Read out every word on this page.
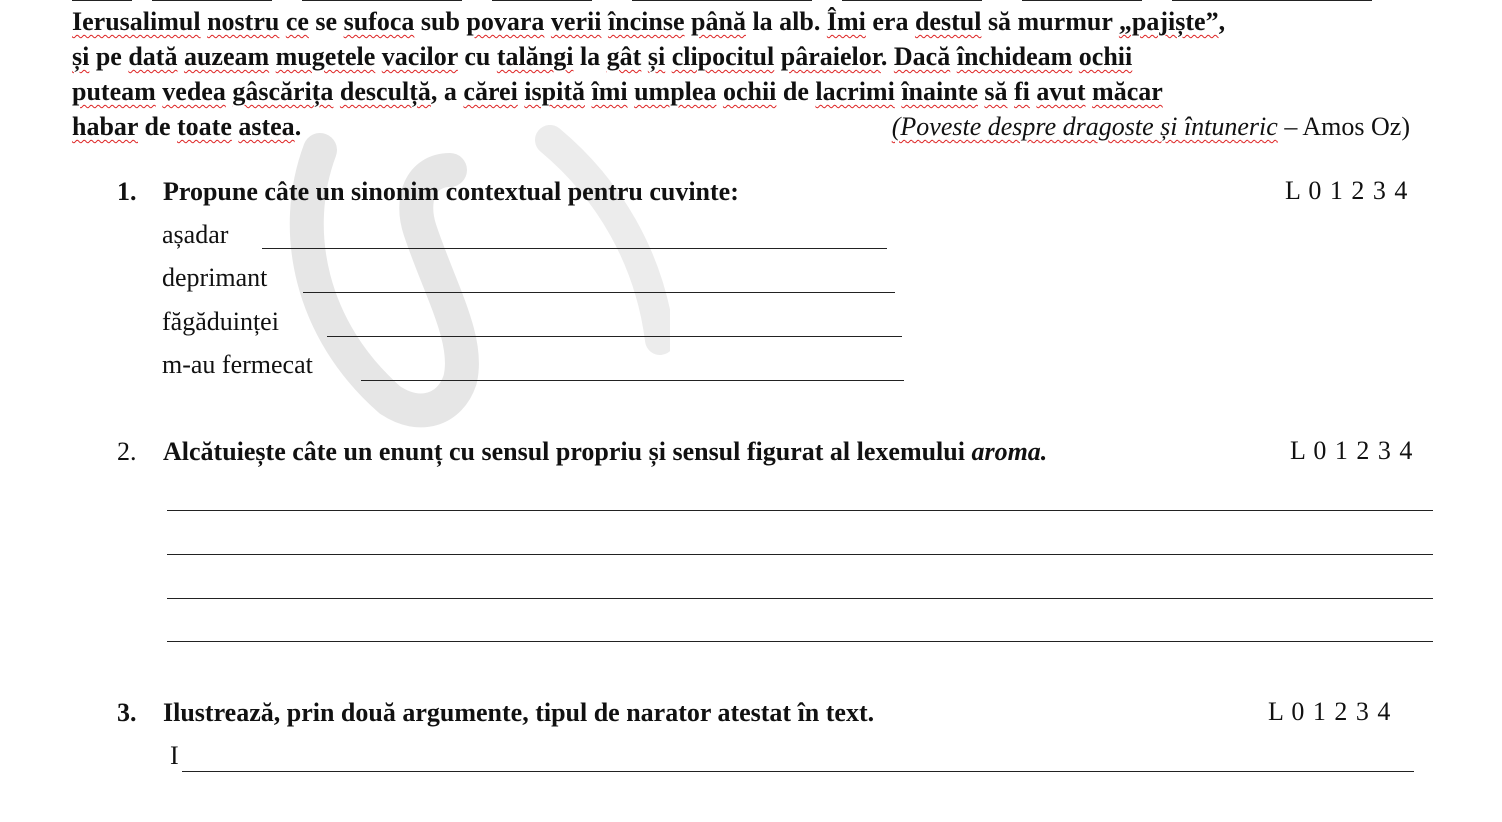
Ierusalimul nostru ce se sufoca sub povara verii încinse până la alb. Îmi era destul să murmur „pajiște”,
și pe dată auzeam mugetele vacilor cu talăngi la gât și clipocitul pâraielor. Dacă închideam ochii
puteam vedea gâscărița desculță, a cărei ispită îmi umplea ochii de lacrimi înainte să fi avut măcar
habar de toate astea.	(Poveste despre dragoste și întuneric – Amos Oz)
1. Propune câte un sinonim contextual pentru cuvinte:	L 0 1 2 3 4
așadar
deprimant
făgăduinței
m-au fermecat
2. Alcătuiește câte un enunț cu sensul propriu și sensul figurat al lexemului aroma.	L 0 1 2 3 4
3. Ilustrează, prin două argumente, tipul de narator atestat în text.	L 0 1 2 3 4
I
